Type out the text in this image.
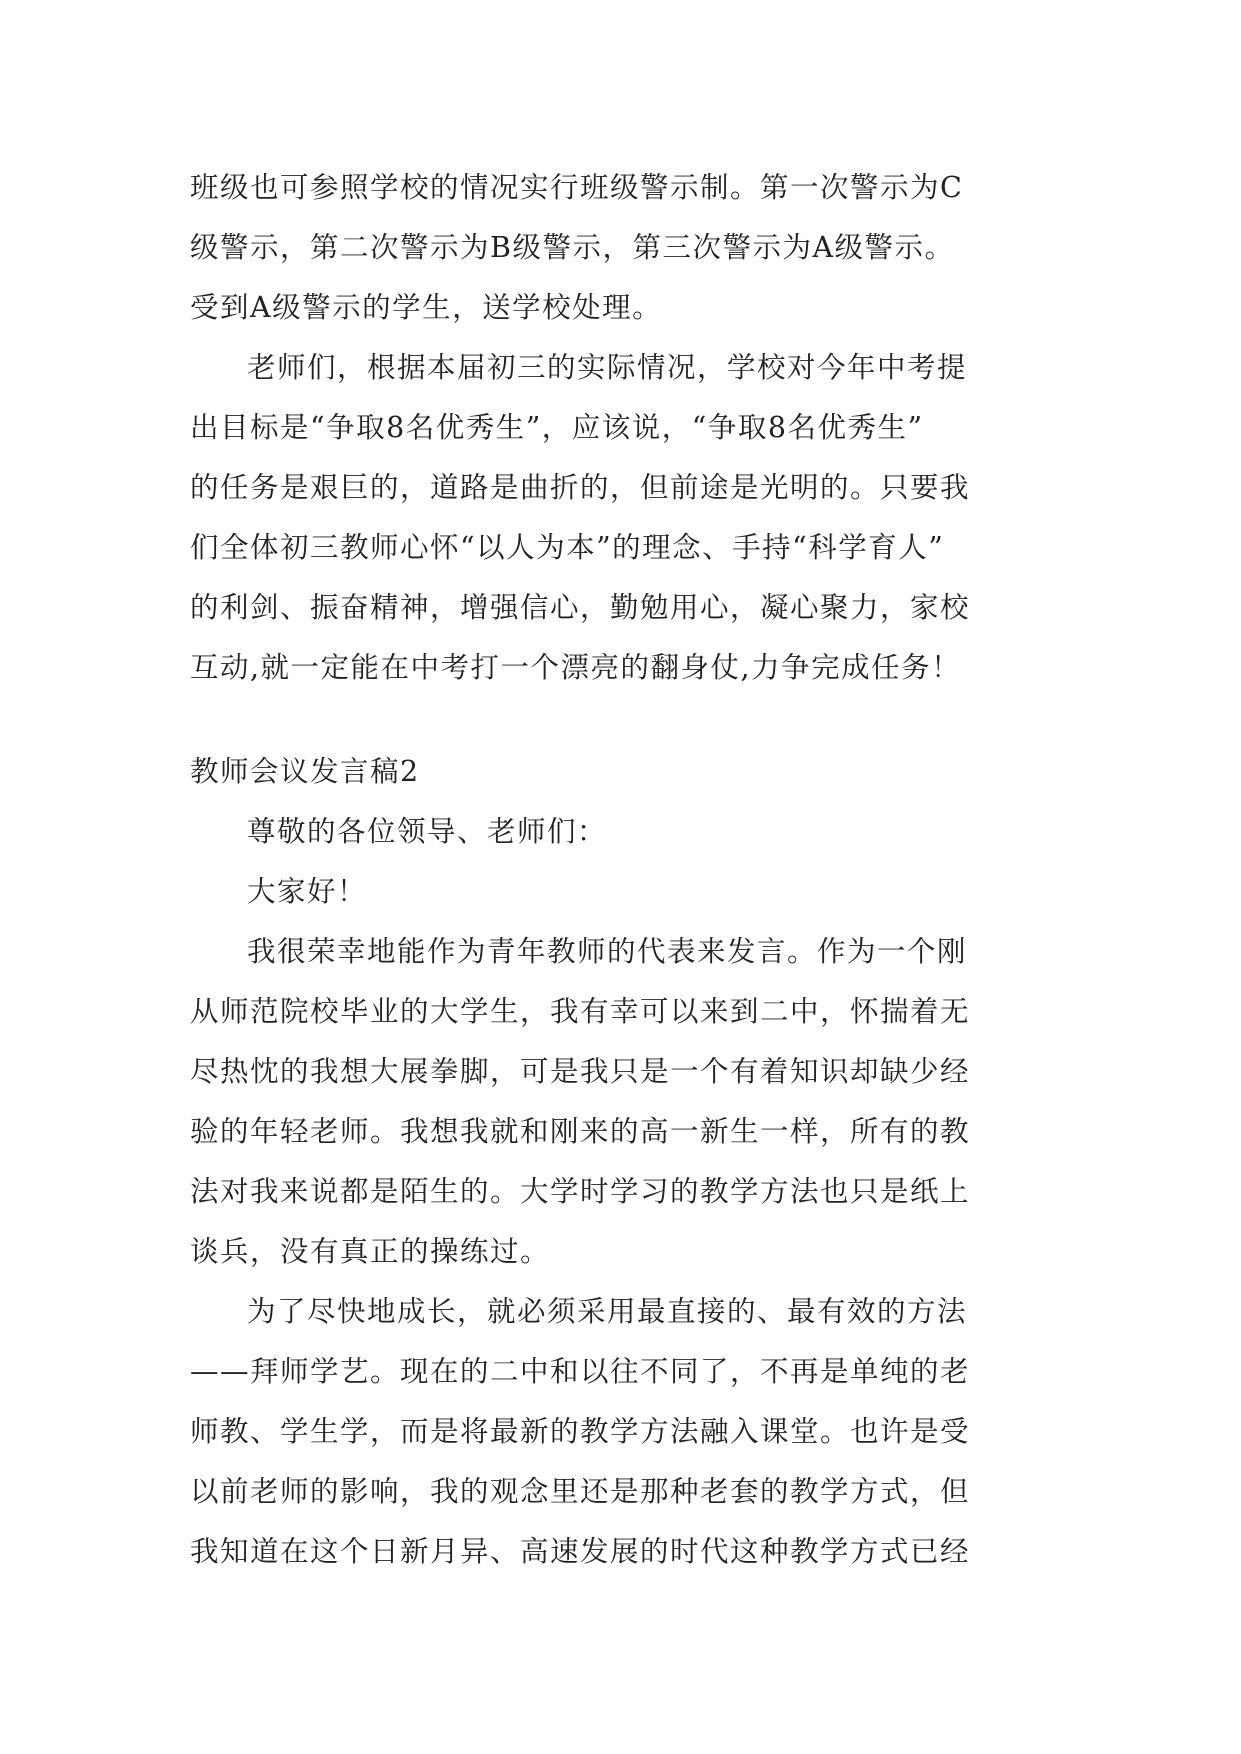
班级也可参照学校的情况实行班级警示制。第一次警示为C
级警示，第二次警示为B级警示，第三次警示为A级警示。
受到A级警示的学生，送学校处理。

老师们，根据本届初三的实际情况，学校对今年中考提
出目标是“争取8名优秀生”，应该说，“争取8名优秀生”
的任务是艰巨的，道路是曲折的，但前途是光明的。只要我
们全体初三教师心怀“以人为本”的理念、手持“科学育人”
的利剑、振奋精神，增强信心，勤勉用心，凝心聚力，家校
互动,就一定能在中考打一个漂亮的翻身仗,力争完成任务！

教师会议发言稿2

尊敬的各位领导、老师们：

大家好！

我很荣幸地能作为青年教师的代表来发言。作为一个刚
从师范院校毕业的大学生，我有幸可以来到二中，怀揣着无
尽热忱的我想大展拳脚，可是我只是一个有着知识却缺少经
验的年轻老师。我想我就和刚来的高一新生一样，所有的教
法对我来说都是陌生的。大学时学习的教学方法也只是纸上
谈兵，没有真正的操练过。

为了尽快地成长，就必须采用最直接的、最有效的方法
——拜师学艺。现在的二中和以往不同了，不再是单纯的老
师教、学生学，而是将最新的教学方法融入课堂。也许是受
以前老师的影响，我的观念里还是那种老套的教学方式，但
我知道在这个日新月异、高速发展的时代这种教学方式已经
